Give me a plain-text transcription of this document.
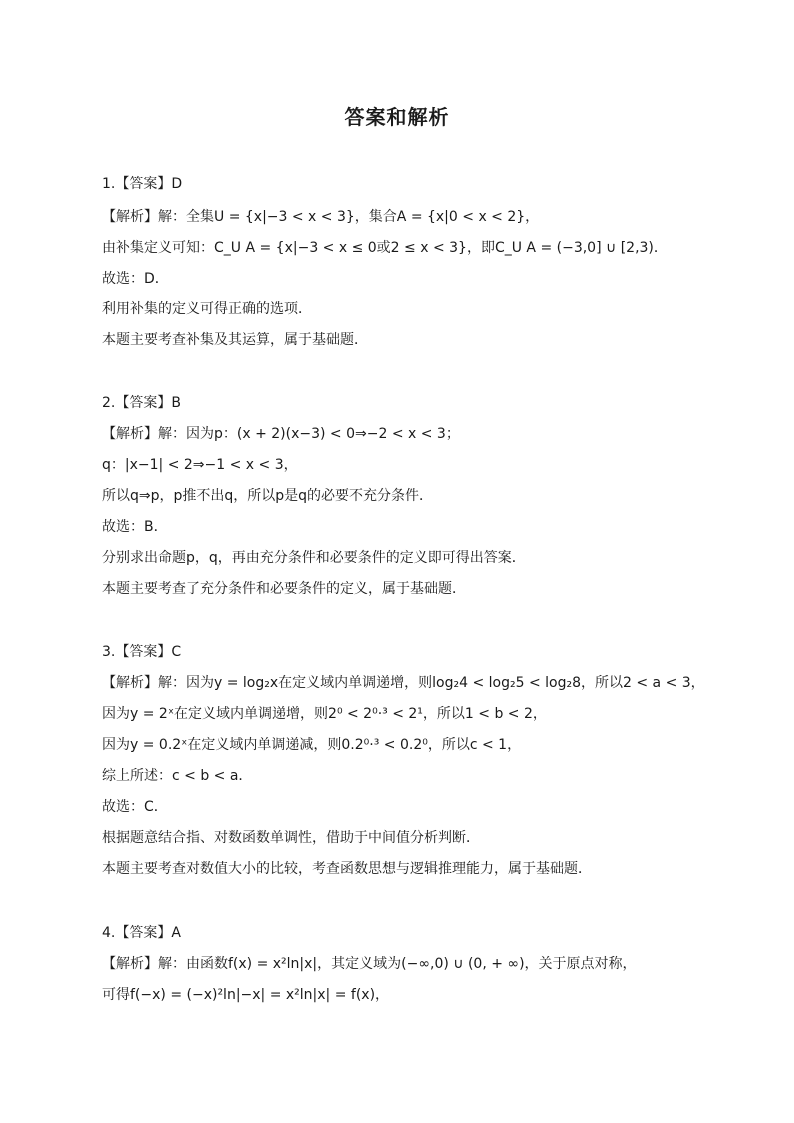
答案和解析
1.【答案】D
【解析】解：全集U = {x|−3 < x < 3}，集合A = {x|0 < x < 2}，
由补集定义可知：C_U A = {x|−3 < x ≤ 0或2 ≤ x < 3}，即C_U A = (−3,0] ∪ [2,3)．
故选：D．
利用补集的定义可得正确的选项．
本题主要考查补集及其运算，属于基础题．
2.【答案】B
【解析】解：因为p：(x + 2)(x−3) < 0⇒−2 < x < 3；
q：|x−1| < 2⇒−1 < x < 3，
所以q⇒p，p推不出q，所以p是q的必要不充分条件．
故选：B．
分别求出命题p，q，再由充分条件和必要条件的定义即可得出答案．
本题主要考查了充分条件和必要条件的定义，属于基础题．
3.【答案】C
【解析】解：因为y = log₂x在定义域内单调递增，则log₂4 < log₂5 < log₂8，所以2 < a < 3，
因为y = 2ˣ在定义域内单调递增，则2⁰ < 2⁰·³ < 2¹，所以1 < b < 2，
因为y = 0.2ˣ在定义域内单调递减，则0.2⁰·³ < 0.2⁰，所以c < 1，
综上所述：c < b < a．
故选：C．
根据题意结合指、对数函数单调性，借助于中间值分析判断．
本题主要考查对数值大小的比较，考查函数思想与逻辑推理能力，属于基础题．
4.【答案】A
【解析】解：由函数f(x) = x²ln|x|，其定义域为(−∞,0) ∪ (0, + ∞)，关于原点对称，
可得f(−x) = (−x)²ln|−x| = x²ln|x| = f(x)，
